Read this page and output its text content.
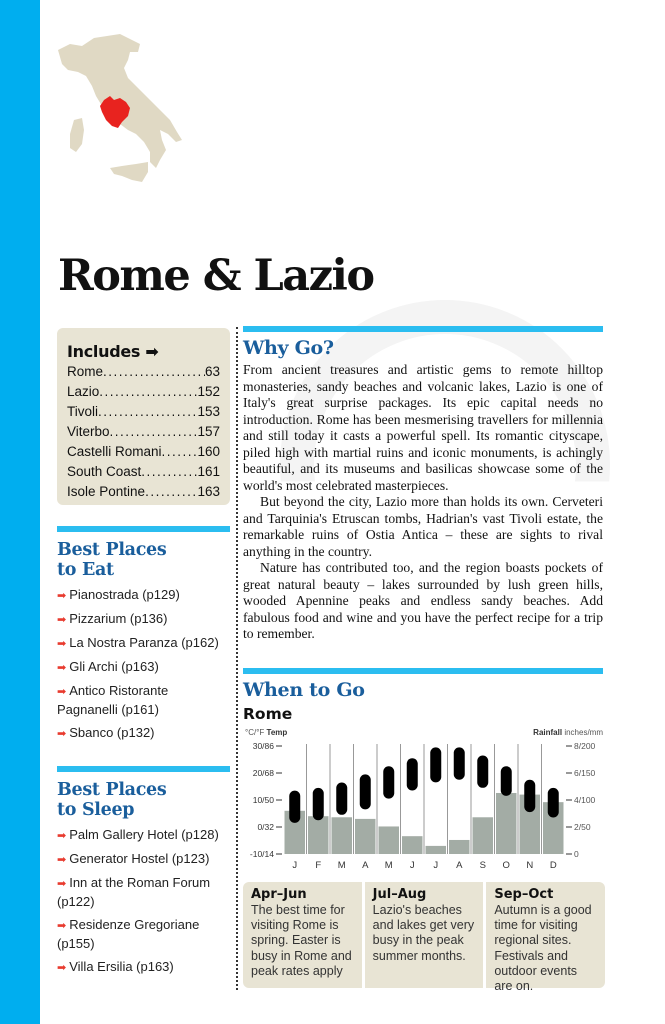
Rome & Lazio
Includes ➡
Rome .....	63
Lazio .....	152
Tivoli .....	153
Viterbo .....	157
Castelli Romani .....	160
South Coast .....	161
Isole Pontine .....	163
Best Places
to Eat
➡ Pianostrada (p129)
➡ Pizzarium (p136)
➡ La Nostra Paranza (p162)
➡ Gli Archi (p163)
➡ Antico Ristorante Pagnanelli (p161)
➡ Sbanco (p132)
Best Places
to Sleep
➡ Palm Gallery Hotel (p128)
➡ Generator Hostel (p123)
➡ Inn at the Roman Forum (p122)
➡ Residenze Gregoriane (p155)
➡ Villa Ersilia (p163)
Why Go?

From ancient treasures and artistic gems to remote hilltop monasteries, sandy beaches and volcanic lakes, Lazio is one of Italy's great surprise packages. Its epic capital needs no introduction. Rome has been mesmerising travellers for millennia and still today it casts a powerful spell. Its romantic cityscape, piled high with martial ruins and iconic monuments, is achingly beautiful, and its museums and basilicas showcase some of the world's most celebrated masterpieces.

But beyond the city, Lazio more than holds its own. Cerveteri and Tarquinia's Etruscan tombs, Hadrian's vast Tivoli estate, the remarkable ruins of Ostia Antica – these are sights to rival anything in the country.

Nature has contributed too, and the region boasts pockets of great natural beauty – lakes surrounded by lush green hills, wooded Apennine peaks and endless sandy beaches. Add fabulous food and wine and you have the perfect recipe for a trip to remember.

When to Go
Rome
°C/°F Temp	Rainfall inches/mm
30/86
20/68
10/50
0/32
-10/14
8/200
6/150
4/100
2/50
0
J F M A M J J A S O N D
Apr–Jun

The best time for visiting Rome is spring. Easter is busy in Rome and peak rates apply

Jul–Aug

Lazio's beaches and lakes get very busy in the peak summer months.

Sep–Oct

Autumn is a good time for visiting regional sites. Festivals and outdoor events are on.
